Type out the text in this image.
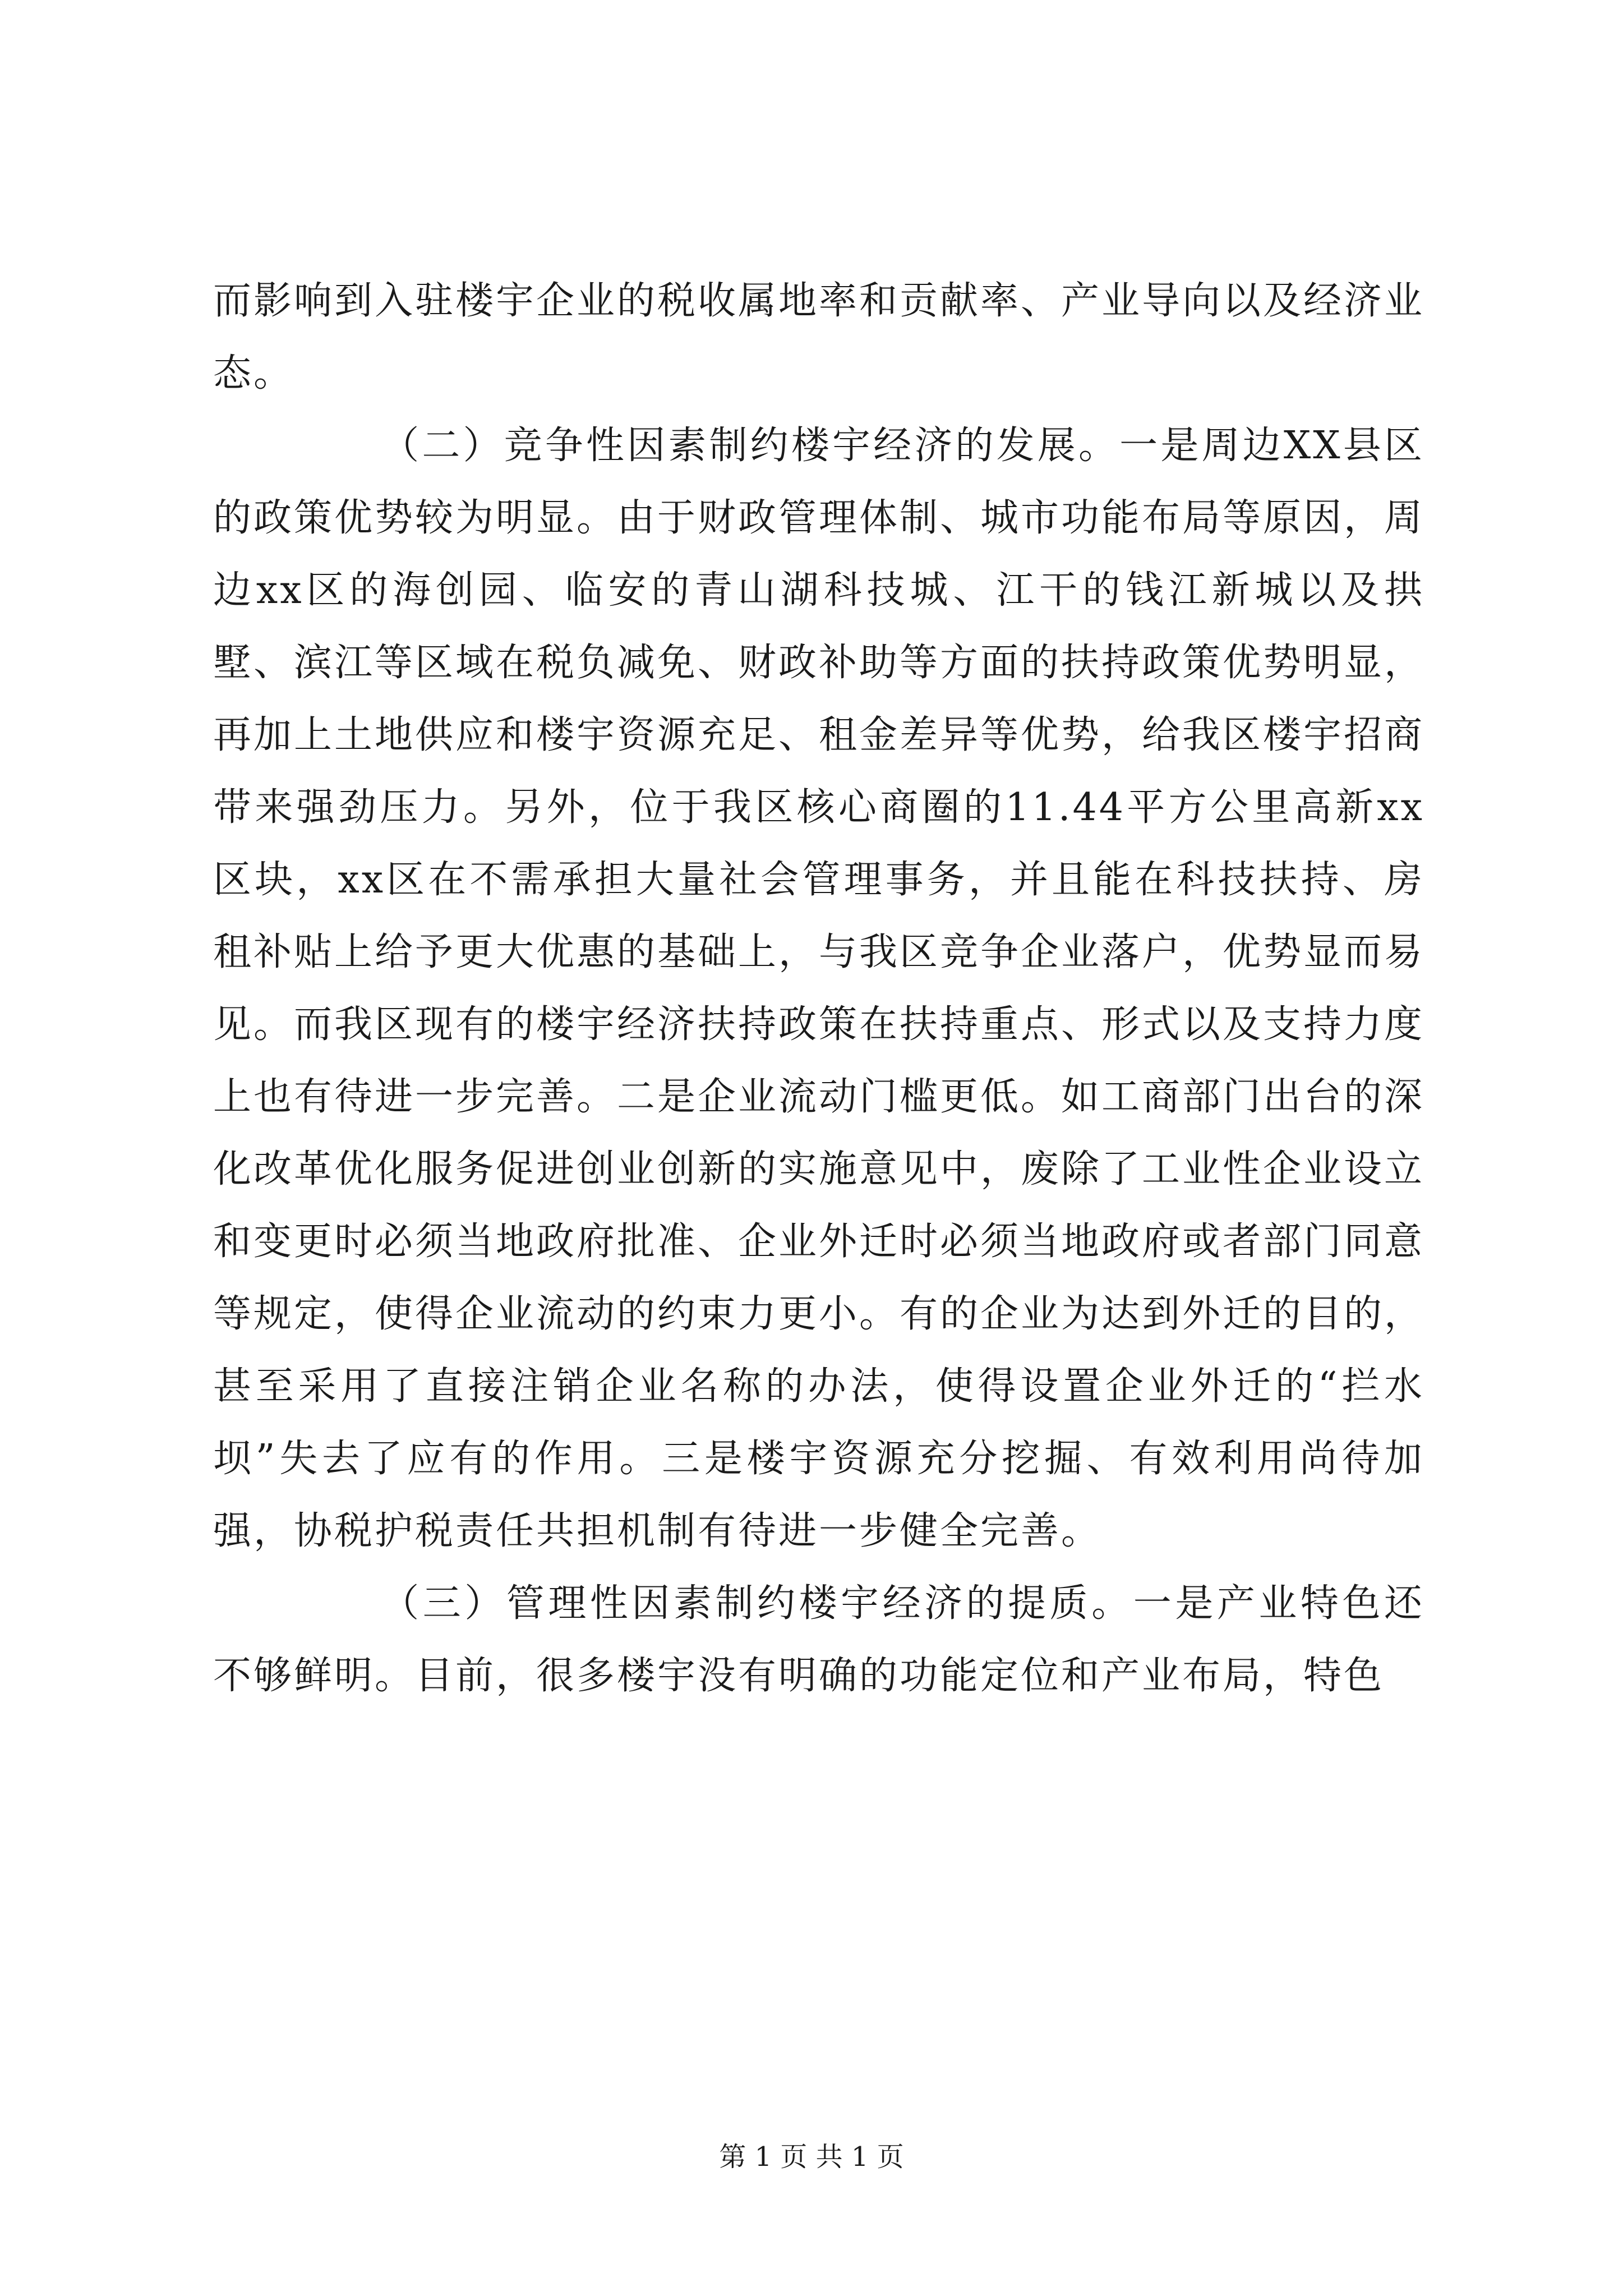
而影响到入驻楼宇企业的税收属地率和贡献率、产业导向以及经济业态。

（二）竞争性因素制约楼宇经济的发展。一是周边XX县区的政策优势较为明显。由于财政管理体制、城市功能布局等原因，周边xx区的海创园、临安的青山湖科技城、江干的钱江新城以及拱墅、滨江等区域在税负减免、财政补助等方面的扶持政策优势明显，再加上土地供应和楼宇资源充足、租金差异等优势，给我区楼宇招商带来强劲压力。另外，位于我区核心商圈的11.44平方公里高新xx区块，xx区在不需承担大量社会管理事务，并且能在科技扶持、房租补贴上给予更大优惠的基础上，与我区竞争企业落户，优势显而易见。而我区现有的楼宇经济扶持政策在扶持重点、形式以及支持力度上也有待进一步完善。二是企业流动门槛更低。如工商部门出台的深化改革优化服务促进创业创新的实施意见中，废除了工业性企业设立和变更时必须当地政府批准、企业外迁时必须当地政府或者部门同意等规定，使得企业流动的约束力更小。有的企业为达到外迁的目的，甚至采用了直接注销企业名称的办法，使得设置企业外迁的“拦水坝”失去了应有的作用。三是楼宇资源充分挖掘、有效利用尚待加强，协税护税责任共担机制有待进一步健全完善。

（三）管理性因素制约楼宇经济的提质。一是产业特色还不够鲜明。目前，很多楼宇没有明确的功能定位和产业布局，特色

第 1 页 共 1 页
